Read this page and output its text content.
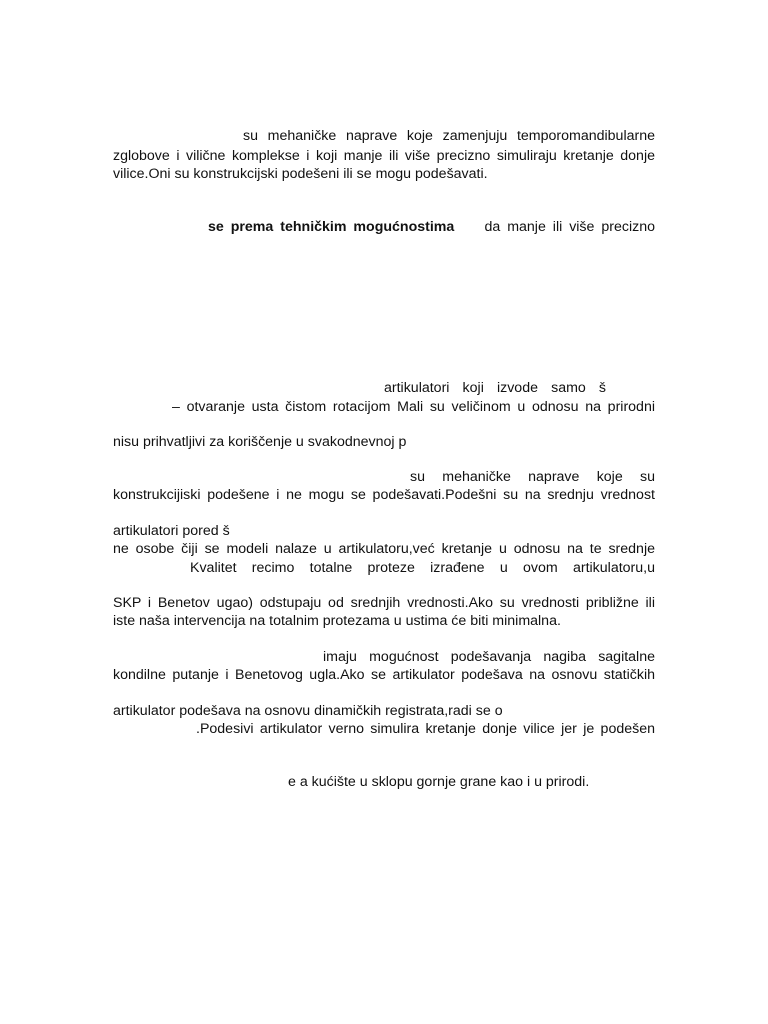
su mehaničke naprave koje zamenjuju temporomandibularne
zglobove i vilične komplekse i koji manje ili više precizno simuliraju kretanje donje
vilice.Oni su konstrukcijski podešeni ili se mogu podešavati.
se prema tehničkim mogućnostima da manje ili više precizno
artikulatori koji izvode samo š
– otvaranje usta čistom rotacijom Mali su veličinom u odnosu na prirodni
nisu prihvatljivi za koriščenje u svakodnevnoj p
su mehaničke naprave koje su
konstrukcijiski podešene i ne mogu se podešavati.Podešni su na srednju vrednost
artikulatori pored š
ne osobe čiji se modeli nalaze u artikulatoru,već kretanje u odnosu na te srednje
Kvalitet recimo totalne proteze izrađene u ovom artikulatoru,u
SKP i Benetov ugao) odstupaju od srednjih vrednosti.Ako su vrednosti približne ili
iste naša intervencija na totalnim protezama u ustima će biti minimalna.
imaju mogućnost podešavanja nagiba sagitalne
kondilne putanje i Benetovog ugla.Ako se artikulator podešava na osnovu statičkih
artikulator podešava na osnovu dinamičkih registrata,radi se o
.Podesivi artikulator verno simulira kretanje donje vilice jer je podešen
e a kućište u sklopu gornje grane kao i u prirodi.
